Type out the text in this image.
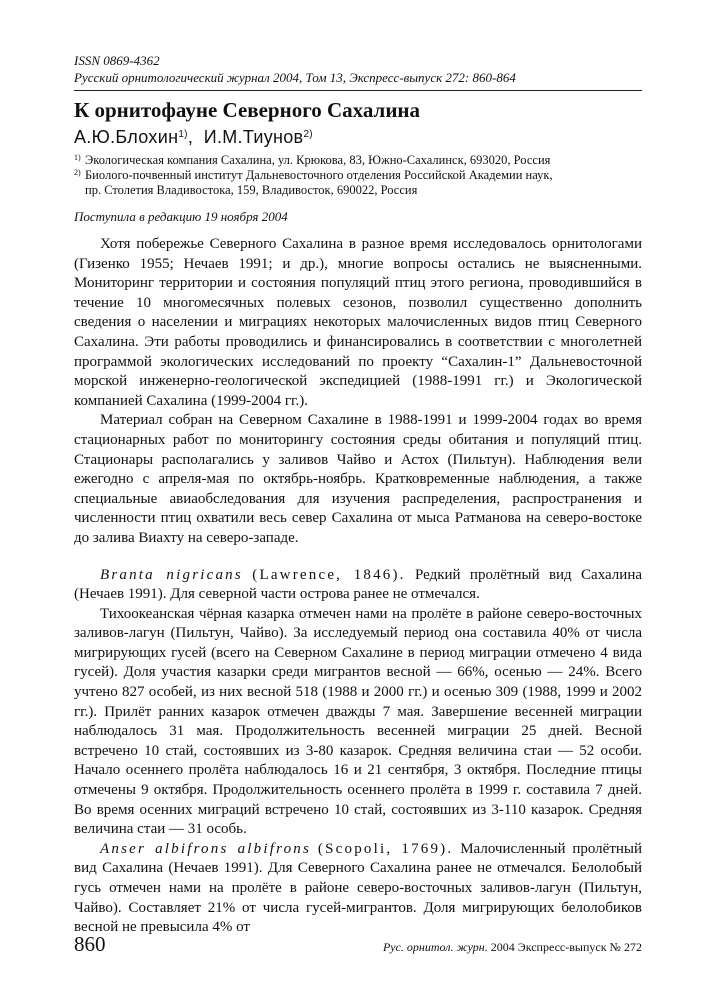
ISSN 0869-4362
Русский орнитологический журнал 2004, Том 13, Экспресс-выпуск 272: 860-864
К орнитофауне Северного Сахалина
А.Ю.Блохин$^{1)}$,  И.М.Тиунов$^{2)}$
1) Экологическая компания Сахалина, ул. Крюкова, 83, Южно-Сахалинск, 693020, Россия
2) Биолого-почвенный институт Дальневосточного отделения Российской Академии наук,
пр. Столетия Владивостока, 159, Владивосток, 690022, Россия
Поступила в редакцию 19 ноября 2004

Хотя побережье Северного Сахалина в разное время исследовалось орнитологами (Гизенко 1955; Нечаев 1991; и др.), многие вопросы остались не выясненными. Мониторинг территории и состояния популяций птиц этого региона, проводившийся в течение 10 многомесячных полевых сезонов, позволил существенно дополнить сведения о населении и миграциях некоторых малочисленных видов птиц Северного Сахалина. Эти работы проводились и финансировались в соответствии с многолетней программой экологических исследований по проекту “Сахалин-1” Дальневосточной морской инженерно-геологической экспедицией (1988-1991 гг.) и Экологической компанией Сахалина (1999-2004 гг.).

Материал собран на Северном Сахалине в 1988-1991 и 1999-2004 годах во время стационарных работ по мониторингу состояния среды обитания и популяций птиц. Стационары располагались у заливов Чайво и Астох (Пильтун). Наблюдения вели ежегодно с апреля-мая по октябрь-ноябрь. Кратковременные наблюдения, а также специальные авиаобследования для изучения распределения, распространения и численности птиц охватили весь север Сахалина от мыса Ратманова на северо-востоке до залива Виахту на северо-западе.

Branta nigricans (Lawrence, 1846). Редкий пролётный вид Сахалина (Нечаев 1991). Для северной части острова ранее не отмечался.

Тихоокеанская чёрная казарка отмечен нами на пролёте в районе северо-восточных заливов-лагун (Пильтун, Чайво). За исследуемый период она составила 40% от числа мигрирующих гусей (всего на Северном Сахалине в период миграции отмечено 4 вида гусей). Доля участия казарки среди мигрантов весной — 66%, осенью — 24%. Всего учтено 827 особей, из них весной 518 (1988 и 2000 гг.) и осенью 309 (1988, 1999 и 2002 гг.). Прилёт ранних казарок отмечен дважды 7 мая. Завершение весенней миграции наблюдалось 31 мая. Продолжительность весенней миграции 25 дней. Весной встречено 10 стай, состоявших из 3-80 казарок. Средняя величина стаи — 52 особи. Начало осеннего пролёта наблюдалось 16 и 21 сентября, 3 октября. Последние птицы отмечены 9 октября. Продолжительность осеннего пролёта в 1999 г. составила 7 дней. Во время осенних миграций встречено 10 стай, состоявших из 3-110 казарок. Средняя величина стаи — 31 особь.

Anser albifrons albifrons (Scopoli, 1769). Малочисленный пролётный вид Сахалина (Нечаев 1991). Для Северного Сахалина ранее не отмечался. Белолобый гусь отмечен нами на пролёте в районе северо-восточных заливов-лагун (Пильтун, Чайво). Составляет 21% от числа гусей-мигрантов. Доля мигрирующих белолобиков весной не превысила 4% от

860	Рус. орнитол. журн. 2004 Экспресс-выпуск № 272
